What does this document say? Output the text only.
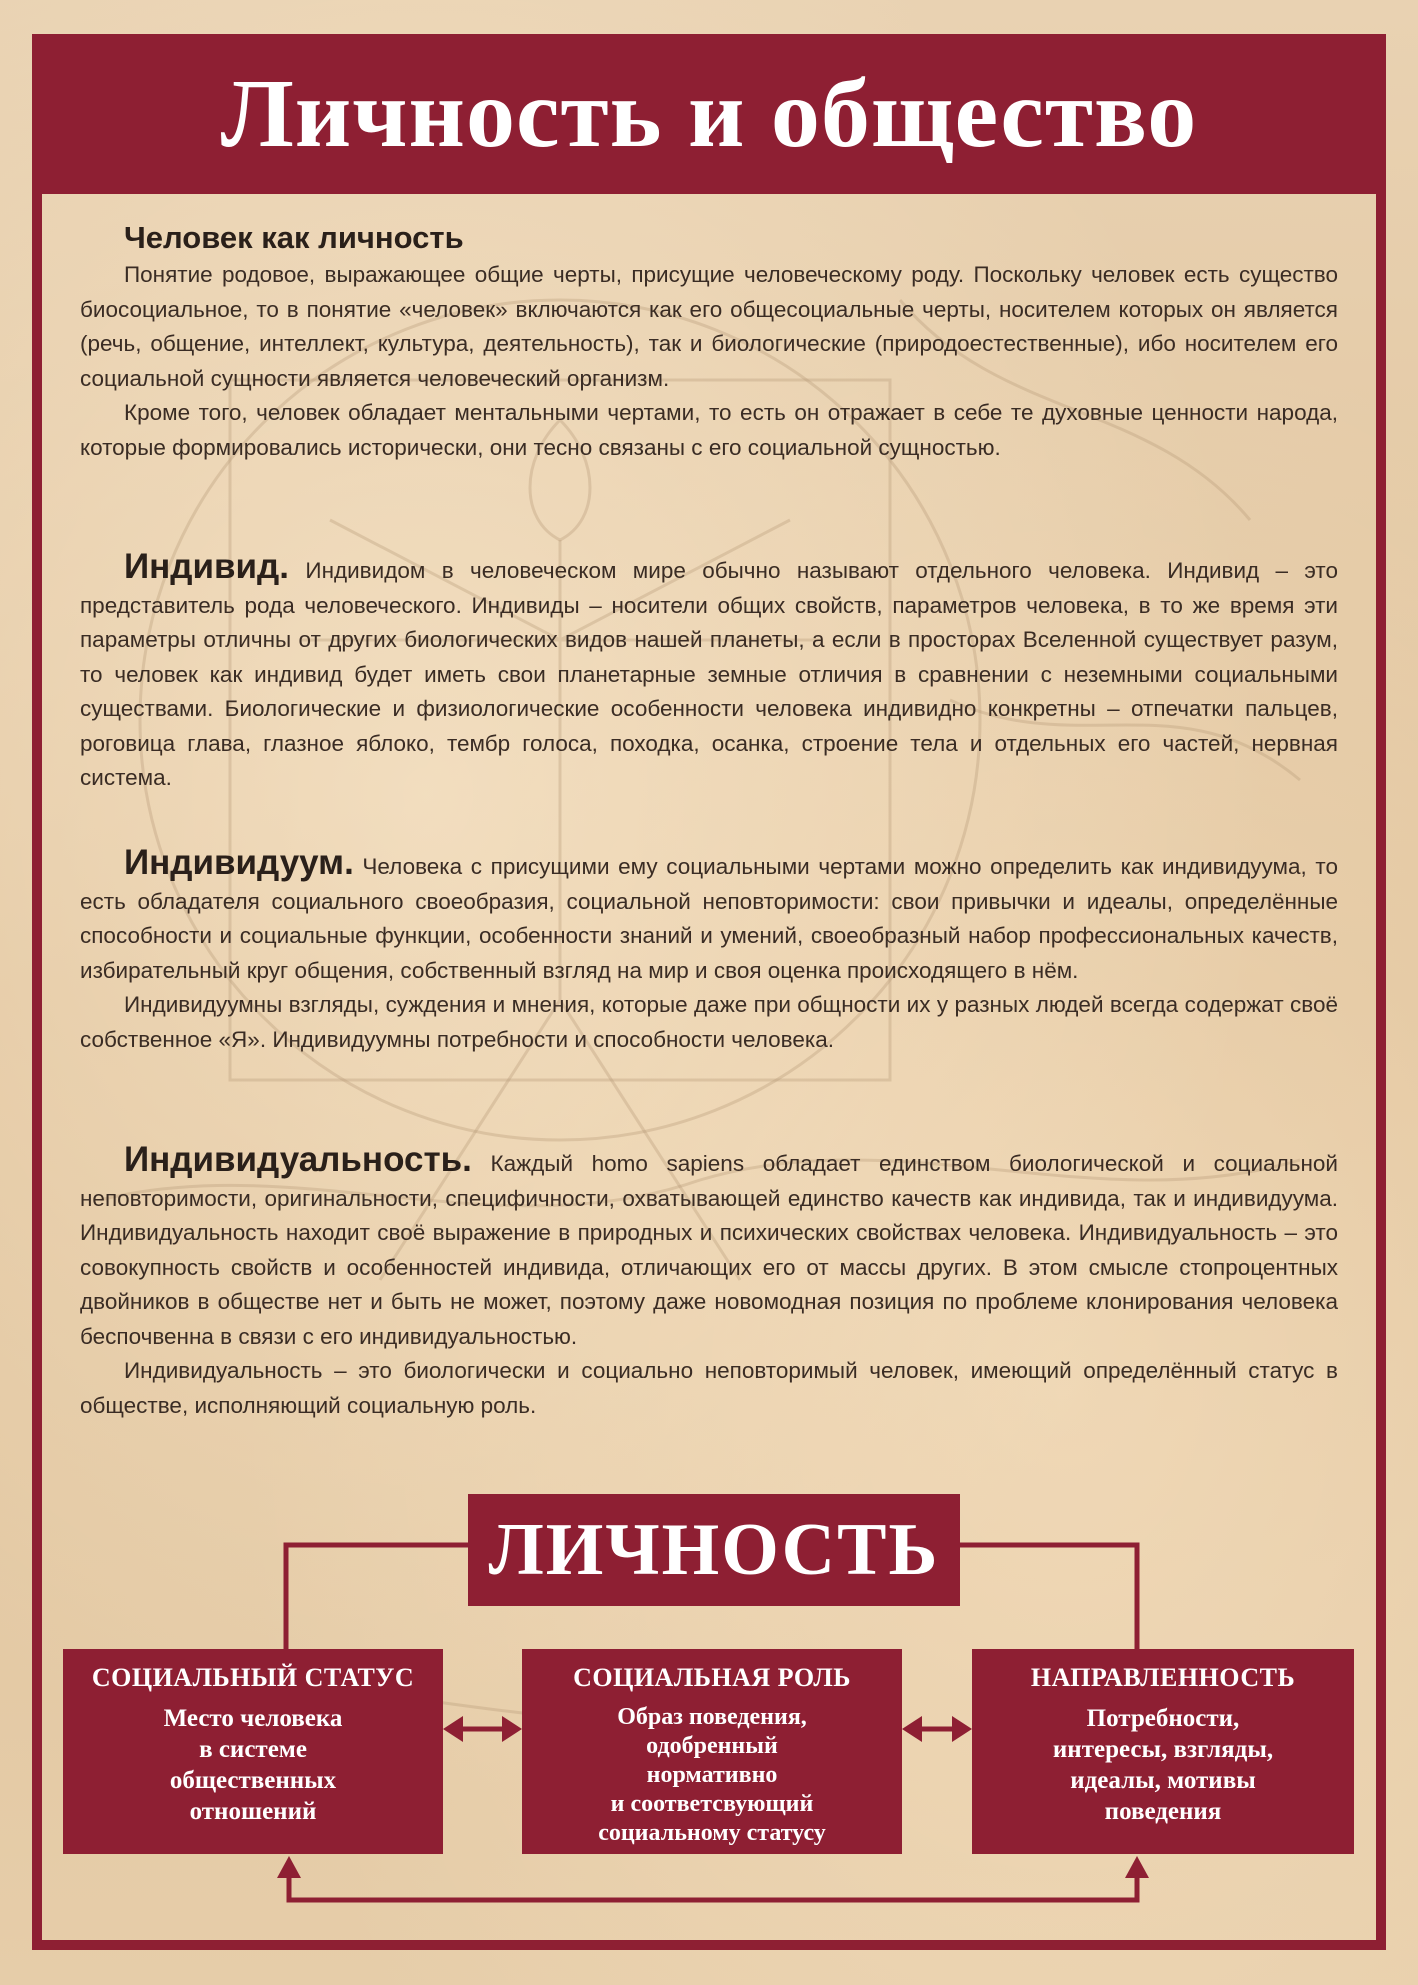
Личность и общество
Человек как личность

Понятие родовое, выражающее общие черты, присущие человеческому роду. Поскольку человек есть существо биосоциальное, то в понятие «человек» включаются как его общесоциальные черты, носителем которых он является (речь, общение, интеллект, культура, деятельность), так и биологические (природоестественные), ибо носителем его социальной сущности является человеческий организм.

Кроме того, человек обладает ментальными чертами, то есть он отражает в себе те духовные ценности народа, которые формировались исторически, они тесно связаны с его социальной сущностью.

Индивид. Индивидом в человеческом мире обычно называют отдельного человека. Индивид – это представитель рода человеческого. Индивиды – носители общих свойств, параметров человека, в то же время эти параметры отличны от других биологических видов нашей планеты, а если в просторах Вселенной существует разум, то человек как индивид будет иметь свои планетарные земные отличия в сравнении с неземными социальными существами. Биологические и физиологические особенности человека индивидно конкретны – отпечатки пальцев, роговица глава, глазное яблоко, тембр голоса, походка, осанка, строение тела и отдельных его частей, нервная система.

Индивидуум. Человека с присущими ему социальными чертами можно определить как индивидуума, то есть обладателя социального своеобразия, социальной неповторимости: свои привычки и идеалы, определённые способности и социальные функции, особенности знаний и умений, своеобразный набор профессиональных качеств, избирательный круг общения, собственный взгляд на мир и своя оценка происходящего в нём.

Индивидуумны взгляды, суждения и мнения, которые даже при общности их у разных людей всегда содержат своё собственное «Я». Индивидуумны потребности и способности человека.

Индивидуальность. Каждый homo sapiens обладает единством биологической и социальной неповторимости, оригинальности, специфичности, охватывающей единство качеств как индивида, так и индивидуума. Индивидуальность находит своё выражение в природных и психических свойствах человека. Индивидуальность – это совокупность свойств и особенностей индивида, отличающих его от массы других. В этом смысле стопроцентных двойников в обществе нет и быть не может, поэтому даже новомодная позиция по проблеме клонирования человека беспочвенна в связи с его индивидуальностью.

Индивидуальность – это биологически и социально неповторимый человек, имеющий определённый статус в обществе, исполняющий социальную роль.

ЛИЧНОСТЬ
СОЦИАЛЬНЫЙ СТАТУС
Место человека
в системе
общественных
отношений
СОЦИАЛЬНАЯ РОЛЬ
Образ поведения,
одобренный
нормативно
и соответсвующий
социальному статусу
НАПРАВЛЕННОСТЬ
Потребности,
интересы, взгляды,
идеалы, мотивы
поведения
